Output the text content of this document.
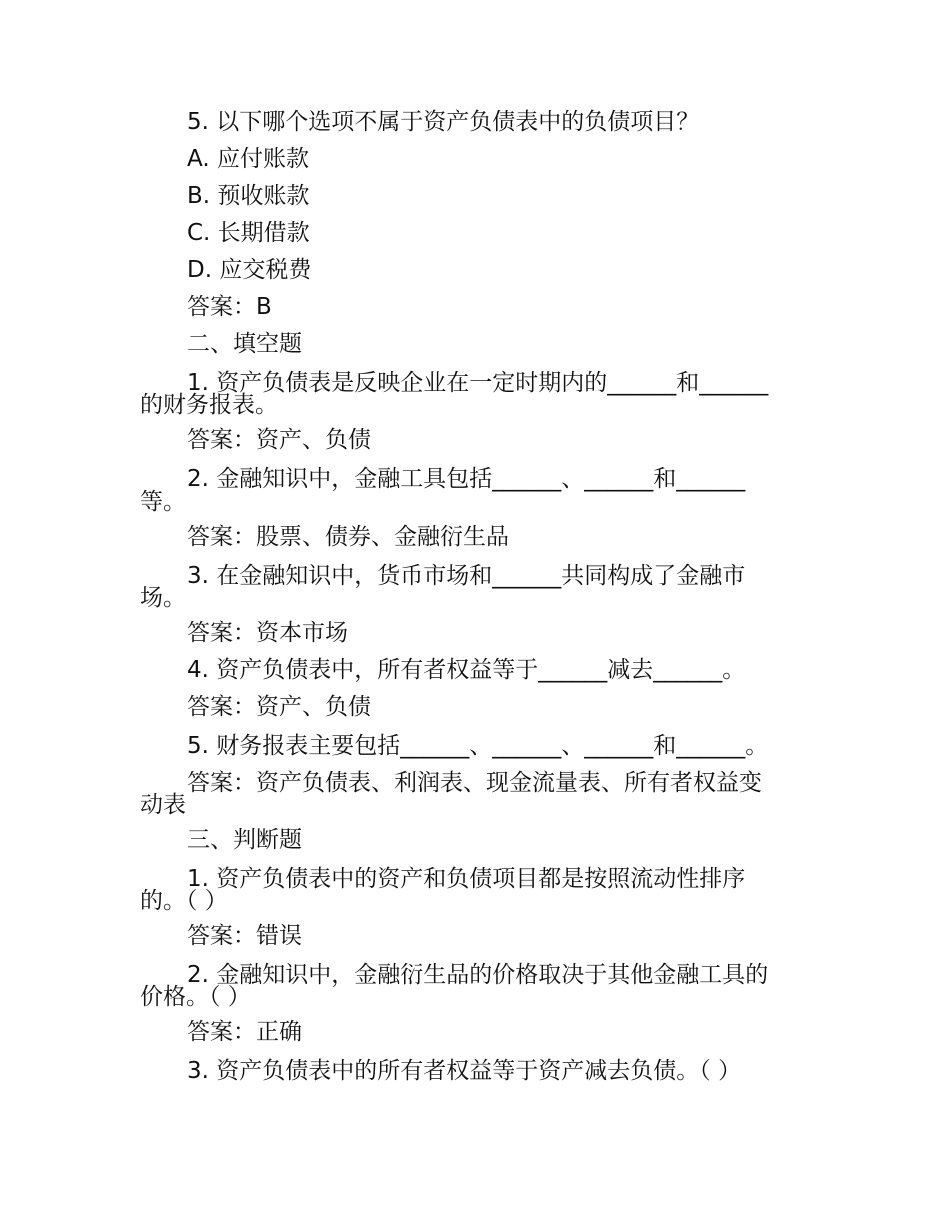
5. 以下哪个选项不属于资产负债表中的负债项目？
A. 应付账款
B. 预收账款
C. 长期借款
D. 应交税费
答案：B
二、填空题
1. 资产负债表是反映企业在一定时期内的______和______
的财务报表。
答案：资产、负债
2. 金融知识中，金融工具包括______、______和______
等。
答案：股票、债券、金融衍生品
3. 在金融知识中，货币市场和______共同构成了金融市
场。
答案：资本市场
4. 资产负债表中，所有者权益等于______减去______。
答案：资产、负债
5. 财务报表主要包括______、______、______和______。
答案：资产负债表、利润表、现金流量表、所有者权益变
动表
三、判断题
1. 资产负债表中的资产和负债项目都是按照流动性排序
的。（ ）
答案：错误
2. 金融知识中，金融衍生品的价格取决于其他金融工具的
价格。（ ）
答案：正确
3. 资产负债表中的所有者权益等于资产减去负债。（ ）
